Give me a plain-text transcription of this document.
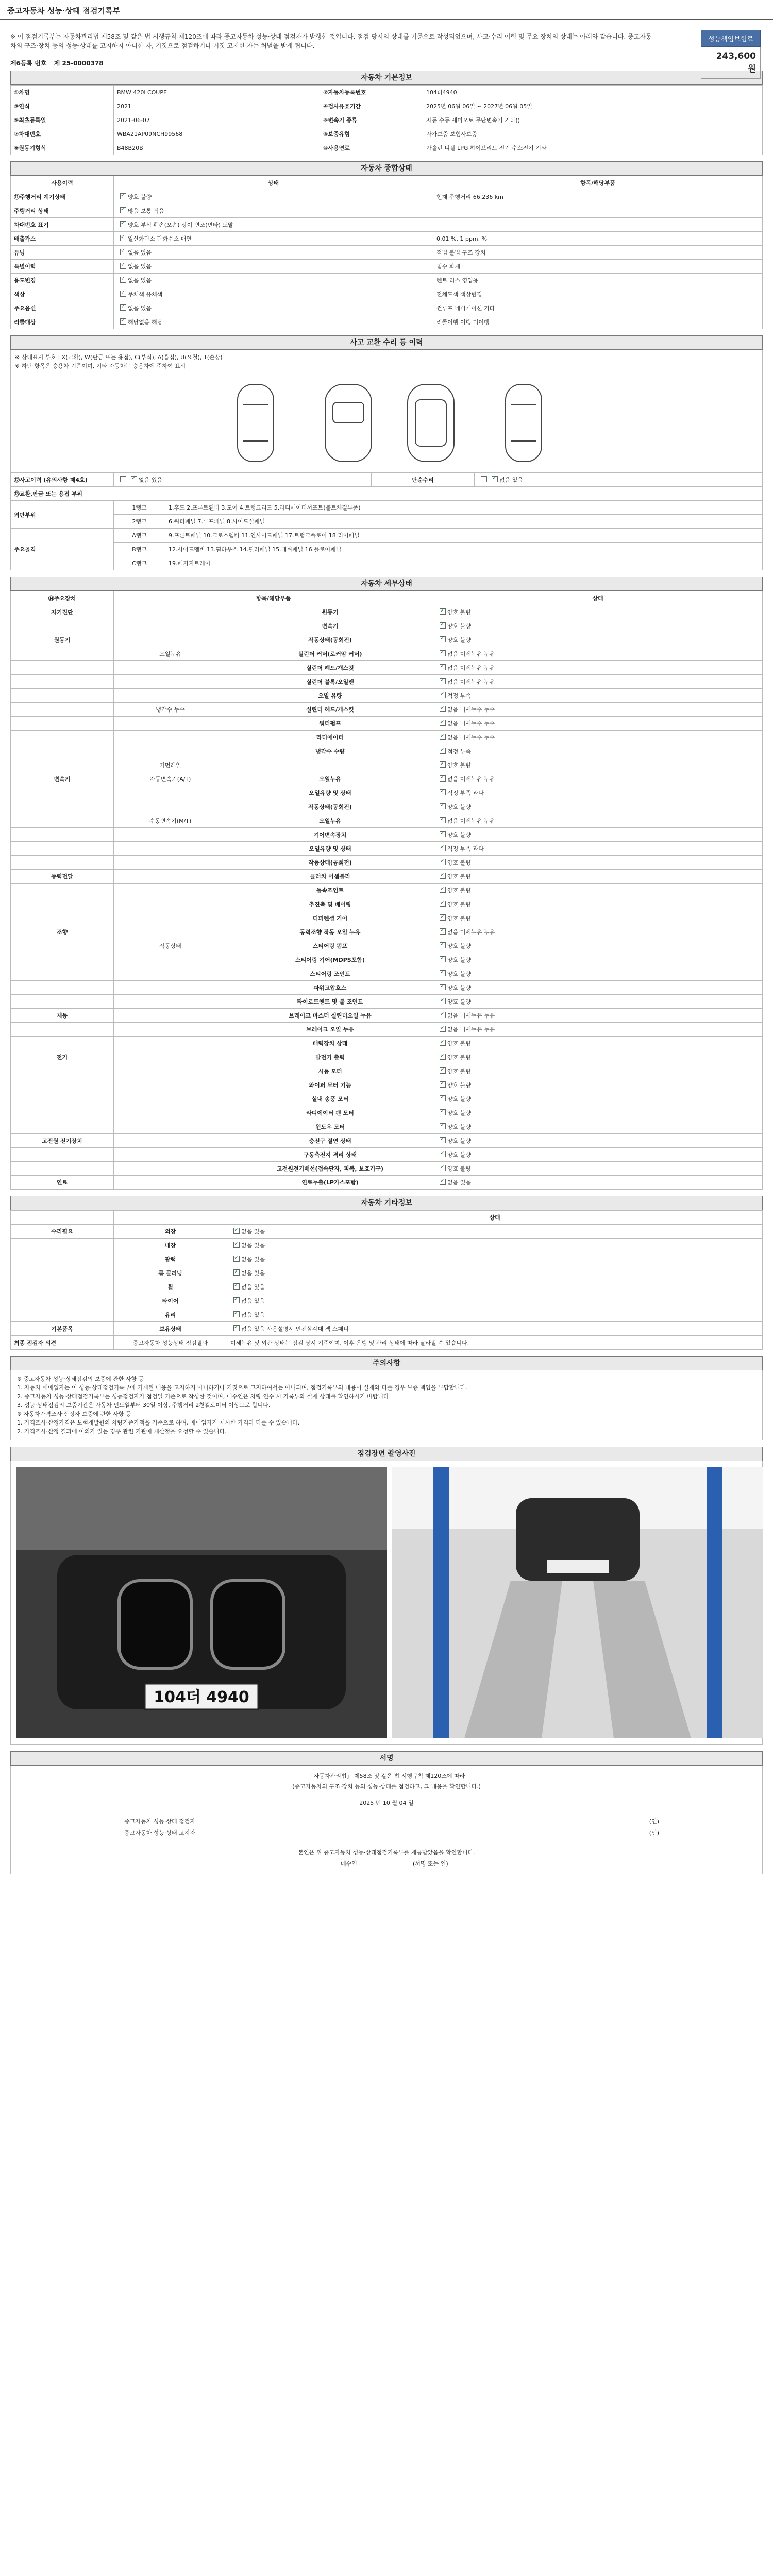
중고자동차 성능·상태 점검기록부
※ 이 점검기록부는 자동차관리법 제58조 및 같은 법 시행규칙 제120조에 따라 중고자동차 성능·상태 점검자가 발행한 것입니다. 점검 당시의 상태를 기준으로 작성되었으며, 사고·수리 이력 및 주요 장치의 상태는 아래와 같습니다. 중고자동차의 구조·장치 등의 성능·상태를 고지하지 아니한 자, 거짓으로 점검하거나 거짓 고지한 자는 처벌을 받게 됩니다.
성능책임보험료
243,600 원
제6등록 번호 제 25-0000378
자동차 기본정보
①차명	BMW 420i COUPE	②자동차등록번호	104더4940
③연식	2021	④검사유효기간	2025년 06월 06일 ~ 2027년 06월 05일
⑤최초등록일	2021-06-07	⑥변속기 종류	자동 수동 세미오토 무단변속기 기타()
⑦차대번호	WBA21AP09NCH99568	⑧보증유형	자가보증 보험사보증
⑨원동기형식	B48B20B	⑩사용연료	가솔린 디젤 LPG 하이브리드 전기 수소전기 기타
자동차 종합상태
사용이력	상태	항목/해당부품
⑪주행거리 계기상태	✓양호 불량	현재 주행거리 66,236 km
주행거리 상태	✓많음 보통 적음	
차대번호 표기	✓양호 부식 훼손(오손) 상이 변조(변타) 도말	
배출가스	✓일산화탄소 탄화수소 매연	0.01 %, 1 ppm, %
튜닝	✓없음 있음	적법 불법 구조 장치
특별이력	✓없음 있음	침수 화재
용도변경	✓없음 있음	렌트 리스 영업용
색상	✓무채색 유채색	전체도색 색상변경
주요옵션	✓없음 있음	썬루프 네비게이션 기타
리콜대상	✓해당없음 해당	리콜이행 이행 미이행
사고 교환 수리 등 이력
※ 상태표시 부호 : X(교환), W(판금 또는 용접), C(부식), A(흠집), U(요철), T(손상)
※ 하단 항목은 승용차 기준이며, 기타 자동차는 승용차에 준하여 표시
⑫사고이력 (유의사항 제4호)	✓없음 있음		단순수리	✓없음 있음
⑬교환,판금 또는 용접 부위				
외판부위	1랭크	1.후드 2.프론트휀더 3.도어 4.트렁크리드 5.라디에이터서포트(볼트체결부품)		
	2랭크	6.쿼터패널 7.루프패널 8.사이드실패널		
주요골격	A랭크	9.프론트패널 10.크로스멤버 11.인사이드패널 17.트렁크플로어 18.리어패널		
	B랭크	12.사이드멤버 13.휠하우스 14.필러패널 15.대쉬패널 16.플로어패널		
	C랭크	19.패키지트레이		
자동차 세부상태
⑭주요장치	항목/해당부품		상태
자기진단		원동기	✓양호 불량
		변속기	✓양호 불량
원동기		작동상태(공회전)	✓양호 불량
	오일누유	실린더 커버(로커암 커버)	✓없음 미세누유 누유
		실린더 헤드/개스킷	✓없음 미세누유 누유
		실린더 블록/오일팬	✓없음 미세누유 누유
		오일 유량	✓적정 부족
	냉각수 누수	실린더 헤드/개스킷	✓없음 미세누수 누수
		워터펌프	✓없음 미세누수 누수
		라디에이터	✓없음 미세누수 누수
		냉각수 수량	✓적정 부족
	커먼레일		✓양호 불량
변속기	자동변속기(A/T)	오일누유	✓없음 미세누유 누유
		오일유량 및 상태	✓적정 부족 과다
		작동상태(공회전)	✓양호 불량
	수동변속기(M/T)	오일누유	✓없음 미세누유 누유
		기어변속장치	✓양호 불량
		오일유량 및 상태	✓적정 부족 과다
		작동상태(공회전)	✓양호 불량
동력전달		클러치 어셈블리	✓양호 불량
		등속조인트	✓양호 불량
		추진축 및 베어링	✓양호 불량
		디퍼렌셜 기어	✓양호 불량
조향		동력조향 작동 오일 누유	✓없음 미세누유 누유
	작동상태	스티어링 펌프	✓양호 불량
		스티어링 기어(MDPS포함)	✓양호 불량
		스티어링 조인트	✓양호 불량
		파워고압호스	✓양호 불량
		타이로드엔드 및 볼 조인트	✓양호 불량
제동		브레이크 마스터 실린더오일 누유	✓없음 미세누유 누유
		브레이크 오일 누유	✓없음 미세누유 누유
		배력장치 상태	✓양호 불량
전기		발전기 출력	✓양호 불량
		시동 모터	✓양호 불량
		와이퍼 모터 기능	✓양호 불량
		실내 송풍 모터	✓양호 불량
		라디에이터 팬 모터	✓양호 불량
		윈도우 모터	✓양호 불량
고전원 전기장치		충전구 절연 상태	✓양호 불량
		구동축전지 격리 상태	✓양호 불량
		고전원전기배선(접속단자, 피복, 보호기구)	✓양호 불량
연료		연료누출(LP가스포함)	✓없음 있음
자동차 기타정보
		상태
수리필요	외장	✓없음 있음
	내장	✓없음 있음
	광택	✓없음 있음
	룸 클리닝	✓없음 있음
	휠	✓없음 있음
	타이어	✓없음 있음
	유리	✓없음 있음
기본품목	보유상태	✓없음 있음 사용설명서 안전삼각대 잭 스패너
최종 점검자 의견	중고자동차 성능상태 점검결과	미세누유 및 외관 상태는 점검 당시 기준이며, 이후 운행 및 관리 상태에 따라 달라질 수 있습니다.
주의사항
※ 중고자동차 성능·상태점검의 보증에 관한 사항 등
1. 자동차 매매업자는 이 성능·상태점검기록부에 기재된 내용을 고지하지 아니하거나 거짓으로 고지하여서는 아니되며, 점검기록부의 내용이 실제와 다를 경우 보증 책임을 부담합니다.
2. 중고자동차 성능·상태점검기록부는 성능점검자가 점검일 기준으로 작성한 것이며, 매수인은 차량 인수 시 기록부와 실제 상태를 확인하시기 바랍니다.
3. 성능·상태점검의 보증기간은 자동차 인도일부터 30일 이상, 주행거리 2천킬로미터 이상으로 합니다.
※ 자동차가격조사·산정자 보증에 관한 사항 등
1. 가격조사·산정가격은 보험개발원의 차량기준가액을 기준으로 하며, 매매업자가 제시한 가격과 다를 수 있습니다.
2. 가격조사·산정 결과에 이의가 있는 경우 관련 기관에 재산정을 요청할 수 있습니다.
점검장면 촬영사진
104더 4940
서명
「자동차관리법」 제58조 및 같은 법 시행규칙 제120조에 따라
(중고자동차의 구조·장치 등의 성능·상태를 점검하고, 그 내용을 확인합니다.)
2025 년 10 월 04 일
중고자동차 성능·상태 점검자	(인)
중고자동차 성능·상태 고지자	(인)
본인은 위 중고자동차 성능·상태점검기록부를 제공받았음을 확인합니다.
매수인	(서명 또는 인)
